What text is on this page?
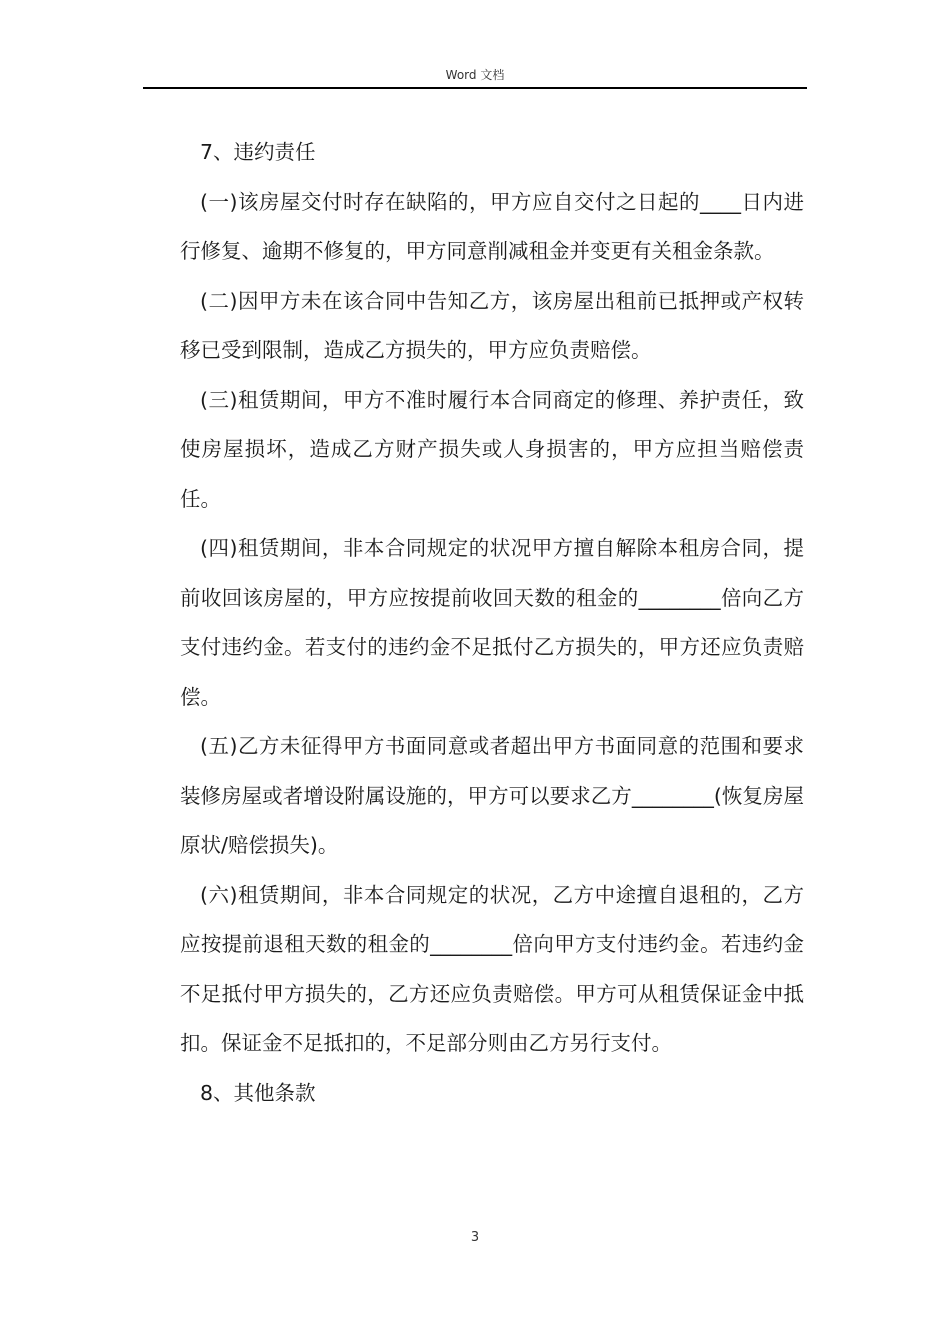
Word 文档

7、违约责任

(一)该房屋交付时存在缺陷的，甲方应自交付之日起的____日内进行修复、逾期不修复的，甲方同意削减租金并变更有关租金条款。

(二)因甲方未在该合同中告知乙方，该房屋出租前已抵押或产权转移已受到限制，造成乙方损失的，甲方应负责赔偿。

(三)租赁期间，甲方不准时履行本合同商定的修理、养护责任，致使房屋损坏，造成乙方财产损失或人身损害的，甲方应担当赔偿责任。

(四)租赁期间，非本合同规定的状况甲方擅自解除本租房合同，提前收回该房屋的，甲方应按提前收回天数的租金的________倍向乙方支付违约金。若支付的违约金不足抵付乙方损失的，甲方还应负责赔偿。

(五)乙方未征得甲方书面同意或者超出甲方书面同意的范围和要求装修房屋或者增设附属设施的，甲方可以要求乙方________(恢复房屋原状/赔偿损失)。

(六)租赁期间，非本合同规定的状况，乙方中途擅自退租的，乙方应按提前退租天数的租金的________倍向甲方支付违约金。若违约金不足抵付甲方损失的，乙方还应负责赔偿。甲方可从租赁保证金中抵扣。保证金不足抵扣的，不足部分则由乙方另行支付。

8、其他条款

3
